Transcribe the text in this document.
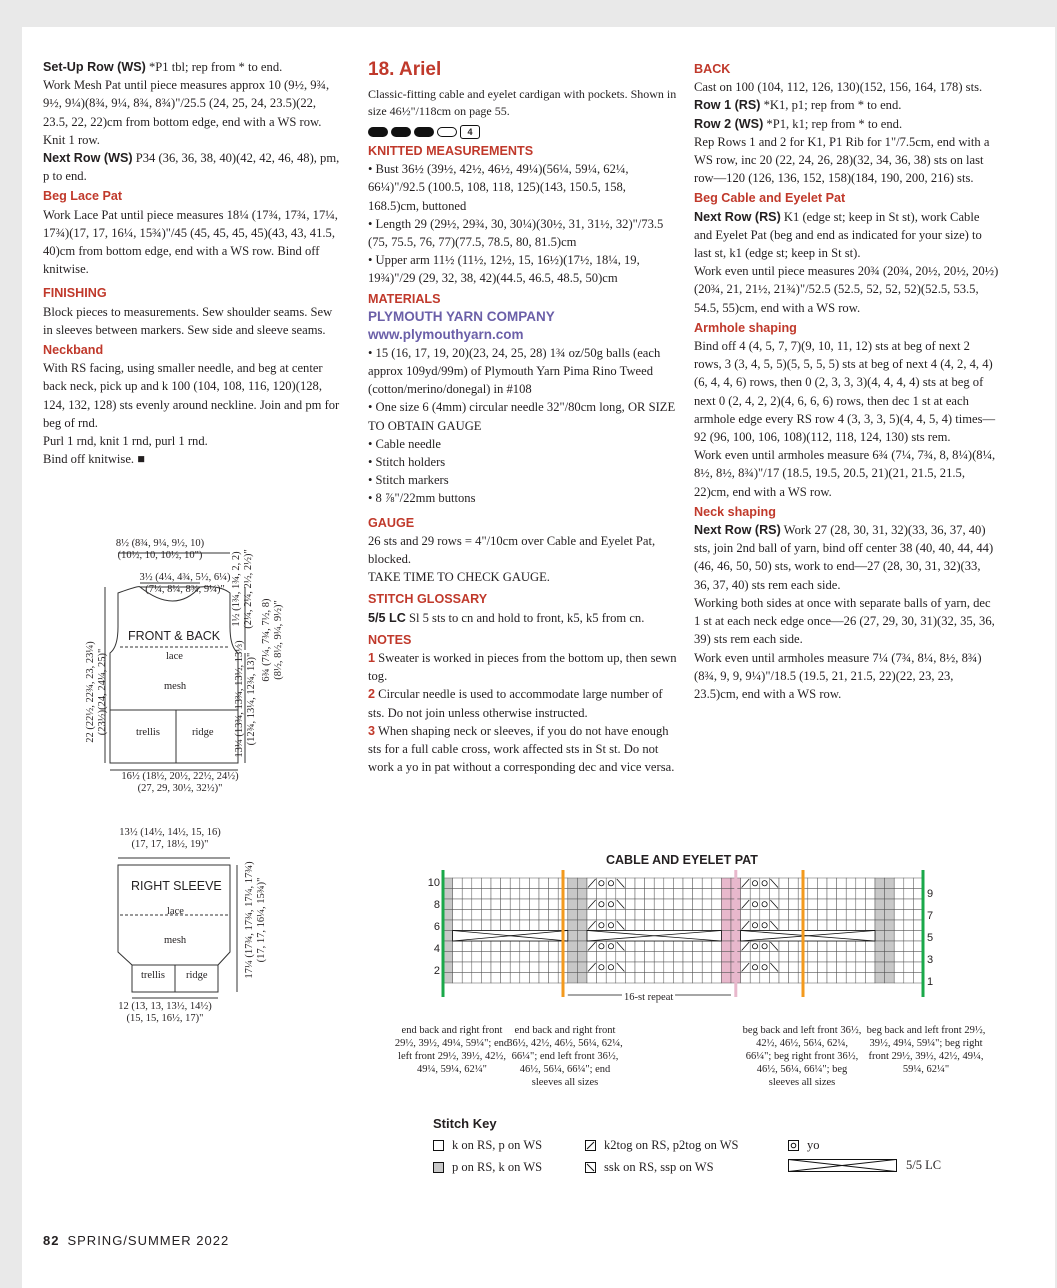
Set-Up Row (WS) *P1 tbl; rep from * to end.

Work Mesh Pat until piece measures approx 10 (9½, 9¾, 9½, 9¼)(8¾, 9¼, 8¾, 8¾)"/25.5 (24, 25, 24, 23.5)(22, 23.5, 22, 22)cm from bottom edge, end with a WS row.

Knit 1 row.

Next Row (WS) P34 (36, 36, 38, 40)(42, 42, 46, 48), pm, p to end.

Beg Lace Pat

Work Lace Pat until piece measures 18¼ (17¾, 17¾, 17¼, 17¾)(17, 17, 16¼, 15¾)"/45 (45, 45, 45, 45)(43, 43, 41.5, 40)cm from bottom edge, end with a WS row. Bind off knitwise.

FINISHING

Block pieces to measurements. Sew shoulder seams. Sew in sleeves between markers. Sew side and sleeve seams.

Neckband

With RS facing, using smaller needle, and beg at center back neck, pick up and k 100 (104, 108, 116, 120)(128, 124, 132, 128) sts evenly around neckline. Join and pm for beg of rnd.

Purl 1 rnd, knit 1 rnd, purl 1 rnd.

Bind off knitwise. ■

8½ (8¾, 9¼, 9½, 10)
(10½, 10, 10½, 10")
3½ (4¼, 4¾, 5½, 6¼)
(7¼, 8¼, 8¾, 9¼)"
FRONT & BACK
lace
mesh
trellis	ridge
16½ (18½, 20½, 22½, 24½)
(27, 29, 30½, 32½)"
22 (22½, 22¾, 23, 23¼) (23½)(24, 24¼, 25)"
1½ (1¾, 1¾, 2, 2) (2¼, 2¼, 2½, 2½)"
6¾ (7¼, 7¾, 7½, 8) (8½, 8½, 9¼, 9½)"
13¼ (13¾, 13¾, 13½, 13⅓) (12¾, 13¼, 12¾, 13)"
13½ (14½, 14½, 15, 16)
(17, 17, 18½, 19)"
RIGHT SLEEVE
lace
mesh
trellis ridge
12 (13, 13, 13½, 14½)
(15, 15, 16½, 17)"
17¼ (17¾, 17¾, 17¼, 17¾) (17, 17, 16¼, 15¾)"
18. Ariel

Classic-fitting cable and eyelet cardigan with pockets. Shown in size 46½"/118cm on page 55.

4
KNITTED MEASUREMENTS

• Bust 36½ (39½, 42½, 46½, 49¼)(56¼, 59¼, 62¼, 66¼)"/92.5 (100.5, 108, 118, 125)(143, 150.5, 158, 168.5)cm, buttoned

• Length 29 (29½, 29¾, 30, 30¼)(30½, 31, 31½, 32)"/73.5 (75, 75.5, 76, 77)(77.5, 78.5, 80, 81.5)cm

• Upper arm 11½ (11½, 12½, 15, 16½)(17½, 18¼, 19, 19¾)"/29 (29, 32, 38, 42)(44.5, 46.5, 48.5, 50)cm

MATERIALS
PLYMOUTH YARN COMPANY
www.plymouthyarn.com

• 15 (16, 17, 19, 20)(23, 24, 25, 28) 1¾ oz/50g balls (each approx 109yd/99m) of Plymouth Yarn Pima Rino Tweed (cotton/merino/donegal) in #108

• One size 6 (4mm) circular needle 32"/80cm long, OR SIZE TO OBTAIN GAUGE

• Cable needle

• Stitch holders

• Stitch markers

• 8 ⅞"/22mm buttons

GAUGE

26 sts and 29 rows = 4"/10cm over Cable and Eyelet Pat, blocked.

TAKE TIME TO CHECK GAUGE.

STITCH GLOSSARY

5/5 LC Sl 5 sts to cn and hold to front, k5, k5 from cn.

NOTES

1 Sweater is worked in pieces from the bottom up, then sewn tog.

2 Circular needle is used to accommodate large number of sts. Do not join unless otherwise instructed.

3 When shaping neck or sleeves, if you do not have enough sts for a full cable cross, work affected sts in St st. Do not work a yo in pat without a corresponding dec and vice versa.

BACK

Cast on 100 (104, 112, 126, 130)(152, 156, 164, 178) sts.

Row 1 (RS) *K1, p1; rep from * to end.

Row 2 (WS) *P1, k1; rep from * to end.

Rep Rows 1 and 2 for K1, P1 Rib for 1"/7.5cm, end with a WS row, inc 20 (22, 24, 26, 28)(32, 34, 36, 38) sts on last row—120 (126, 136, 152, 158)(184, 190, 200, 216) sts.

Beg Cable and Eyelet Pat

Next Row (RS) K1 (edge st; keep in St st), work Cable and Eyelet Pat (beg and end as indicated for your size) to last st, k1 (edge st; keep in St st).

Work even until piece measures 20¾ (20¾, 20½, 20½, 20½)(20¾, 21, 21½, 21¾)"/52.5 (52.5, 52, 52, 52)(52.5, 53.5, 54.5, 55)cm, end with a WS row.

Armhole shaping

Bind off 4 (4, 5, 7, 7)(9, 10, 11, 12) sts at beg of next 2 rows, 3 (3, 4, 5, 5)(5, 5, 5, 5) sts at beg of next 4 (4, 2, 4, 4)(6, 4, 4, 6) rows, then 0 (2, 3, 3, 3)(4, 4, 4, 4) sts at beg of next 0 (2, 4, 2, 2)(4, 6, 6, 6) rows, then dec 1 st at each armhole edge every RS row 4 (3, 3, 3, 5)(4, 4, 5, 4) times—92 (96, 100, 106, 108)(112, 118, 124, 130) sts rem.

Work even until armholes measure 6¾ (7¼, 7¾, 8, 8¼)(8¼, 8½, 8½, 8¾)"/17 (18.5, 19.5, 20.5, 21)(21, 21.5, 21.5, 22)cm, end with a WS row.

Neck shaping

Next Row (RS) Work 27 (28, 30, 31, 32)(33, 36, 37, 40) sts, join 2nd ball of yarn, bind off center 38 (40, 40, 44, 44)(46, 46, 50, 50) sts, work to end—27 (28, 30, 31, 32)(33, 36, 37, 40) sts rem each side.

Working both sides at once with separate balls of yarn, dec 1 st at each neck edge once—26 (27, 29, 30, 31)(32, 35, 36, 39) sts rem each side.

Work even until armholes measure 7¼ (7¾, 8¼, 8½, 8¾)(8¾, 9, 9, 9¼)"/18.5 (19.5, 21, 21.5, 22)(22, 23, 23, 23.5)cm, end with a WS row.

CABLE AND EYELET PAT
10
8
6
4
2
9
7
5
3
1
16-st repeat
end back and right front 29½, 39½, 49¼, 59¼"; end left front 29½, 39½, 42½, 49¼, 59¼, 62¼"
end back and right front 36½, 42½, 46½, 56¼, 62¼, 66¼"; end left front 36½, 46½, 56¼, 66¼"; end sleeves all sizes
beg back and left front 36½, 42½, 46½, 56¼, 62¼, 66¼"; beg right front 36½, 46½, 56¼, 66¼"; beg sleeves all sizes
beg back and left front 29½, 39½, 49¼, 59¼"; beg right front 29½, 39½, 42½, 49¼, 59¼, 62¼"
Stitch Key
k on RS, p on WS
p on RS, k on WS
k2tog on RS, p2tog on WS
ssk on RS, ssp on WS
yo
5/5 LC
82 SPRING/SUMMER 2022
